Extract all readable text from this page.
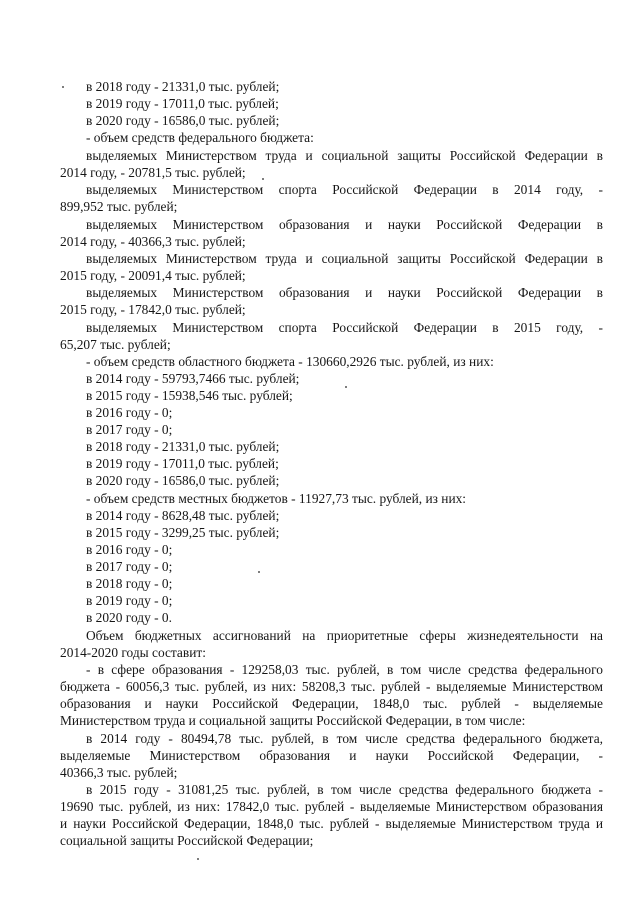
в 2018 году - 21331,0 тыс. рублей;
в 2019 году - 17011,0 тыс. рублей;
в 2020 году - 16586,0 тыс. рублей;
- объем средств федерального бюджета:
выделяемых Министерством труда и социальной защиты Российской Федерации в
2014 году, - 20781,5 тыс. рублей;
выделяемых Министерством спорта Российской Федерации в 2014 году, -
899,952 тыс. рублей;
выделяемых Министерством образования и науки Российской Федерации в
2014 году, - 40366,3 тыс. рублей;
выделяемых Министерством труда и социальной защиты Российской Федерации в
2015 году, - 20091,4 тыс. рублей;
выделяемых Министерством образования и науки Российской Федерации в
2015 году, - 17842,0 тыс. рублей;
выделяемых Министерством спорта Российской Федерации в 2015 году, -
65,207 тыс. рублей;
- объем средств областного бюджета - 130660,2926 тыс. рублей, из них:
в 2014 году - 59793,7466 тыс. рублей;
в 2015 году - 15938,546 тыс. рублей;
в 2016 году - 0;
в 2017 году - 0;
в 2018 году - 21331,0 тыс. рублей;
в 2019 году - 17011,0 тыс. рублей;
в 2020 году - 16586,0 тыс. рублей;
- объем средств местных бюджетов - 11927,73 тыс. рублей, из них:
в 2014 году - 8628,48 тыс. рублей;
в 2015 году - 3299,25 тыс. рублей;
в 2016 году - 0;
в 2017 году - 0;
в 2018 году - 0;
в 2019 году - 0;
в 2020 году - 0.
Объем бюджетных ассигнований на приоритетные сферы жизнедеятельности на
2014-2020 годы составит:
- в сфере образования - 129258,03 тыс. рублей, в том числе средства федерального
бюджета - 60056,3 тыс. рублей, из них: 58208,3 тыс. рублей - выделяемые Министерством
образования и науки Российской Федерации, 1848,0 тыс. рублей - выделяемые
Министерством труда и социальной защиты Российской Федерации, в том числе:
в 2014 году - 80494,78 тыс. рублей, в том числе средства федерального бюджета,
выделяемые Министерством образования и науки Российской Федерации, -
40366,3 тыс. рублей;
в 2015 году - 31081,25 тыс. рублей, в том числе средства федерального бюджета -
19690 тыс. рублей, из них: 17842,0 тыс. рублей - выделяемые Министерством образования
и науки Российской Федерации, 1848,0 тыс. рублей - выделяемые Министерством труда и
социальной защиты Российской Федерации;
